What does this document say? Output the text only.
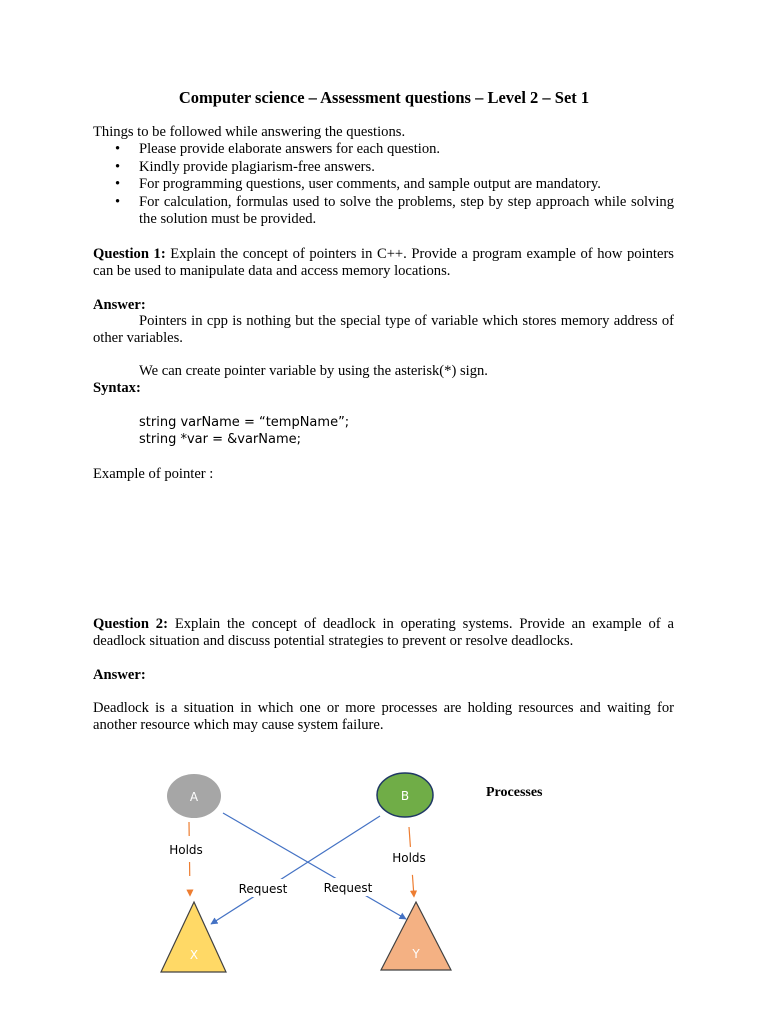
Computer science – Assessment questions – Level 2 – Set 1

Things to be followed while answering the questions.

• Please provide elaborate answers for each question.
• Kindly provide plagiarism-free answers.
• For programming questions, user comments, and sample output are mandatory.
• For calculation, formulas used to solve the problems, step by step approach while solving the solution must be provided.

Question 1: Explain the concept of pointers in C++. Provide a program example of how pointers can be used to manipulate data and access memory locations.

Answer:

Pointers in cpp is nothing but the special type of variable which stores memory address of other variables.

We can create pointer variable by using the asterisk(*) sign.

Syntax:

string varName = “tempName”;

string *var = &varName;

Example of pointer :

Question 2: Explain the concept of deadlock in operating systems. Provide an example of a deadlock situation and discuss potential strategies to prevent or resolve deadlocks.

Answer:

Deadlock is a situation in which one or more processes are holding resources and waiting for another resource which may cause system failure.

A	B	Processes
Holds
Holds
Request	Request
X	Y
